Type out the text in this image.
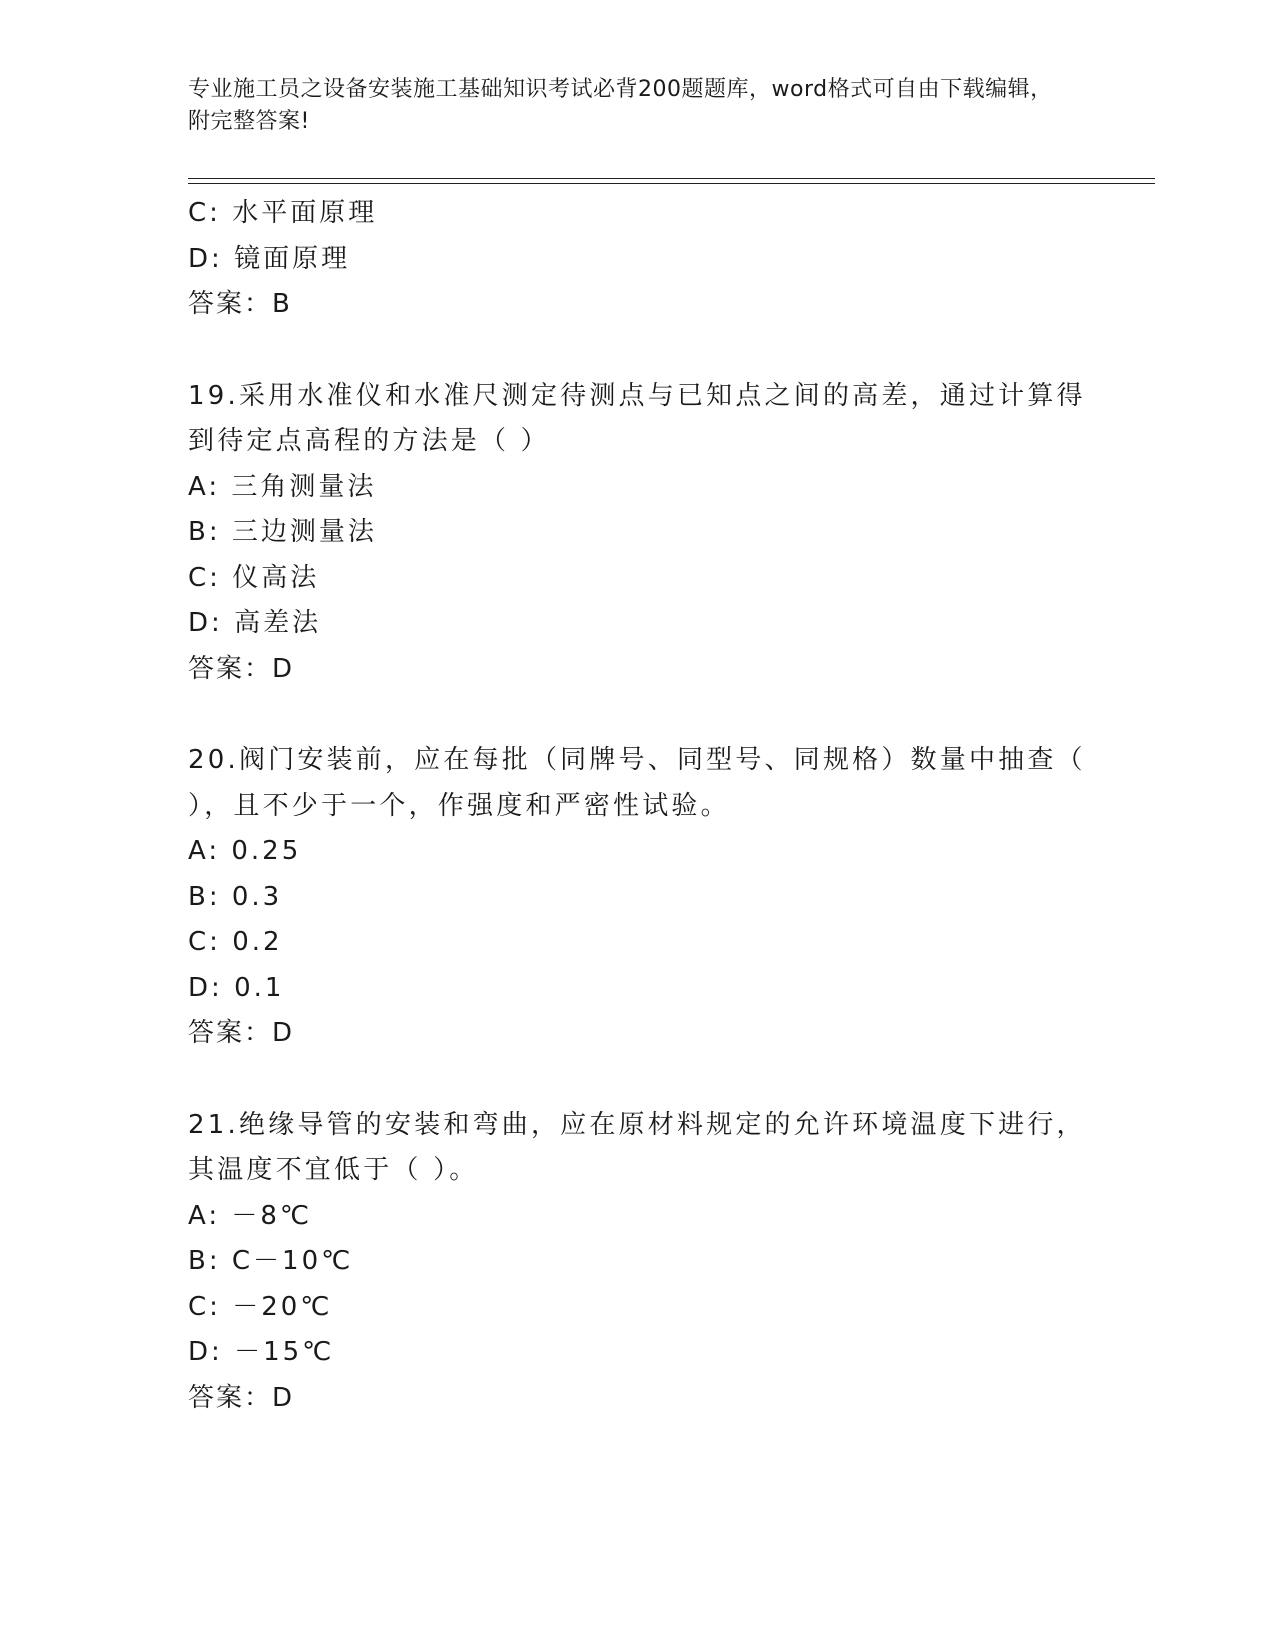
专业施工员之设备安装施工基础知识考试必背200题题库，word格式可自由下载编辑，附完整答案!
C: 水平面原理
D: 镜面原理
答案：B
19.采用水准仪和水准尺测定待测点与已知点之间的高差，通过计算得
到待定点高程的方法是（ ）
A: 三角测量法
B: 三边测量法
C: 仪高法
D: 高差法
答案：D
20.阀门安装前，应在每批（同牌号、同型号、同规格）数量中抽查（
），且不少于一个，作强度和严密性试验。
A: 0.25
B: 0.3
C: 0.2
D: 0.1
答案：D
21.绝缘导管的安装和弯曲，应在原材料规定的允许环境温度下进行，
其温度不宜低于（ ）。
A: －8℃
B: C－10℃
C: －20℃
D: －15℃
答案：D
